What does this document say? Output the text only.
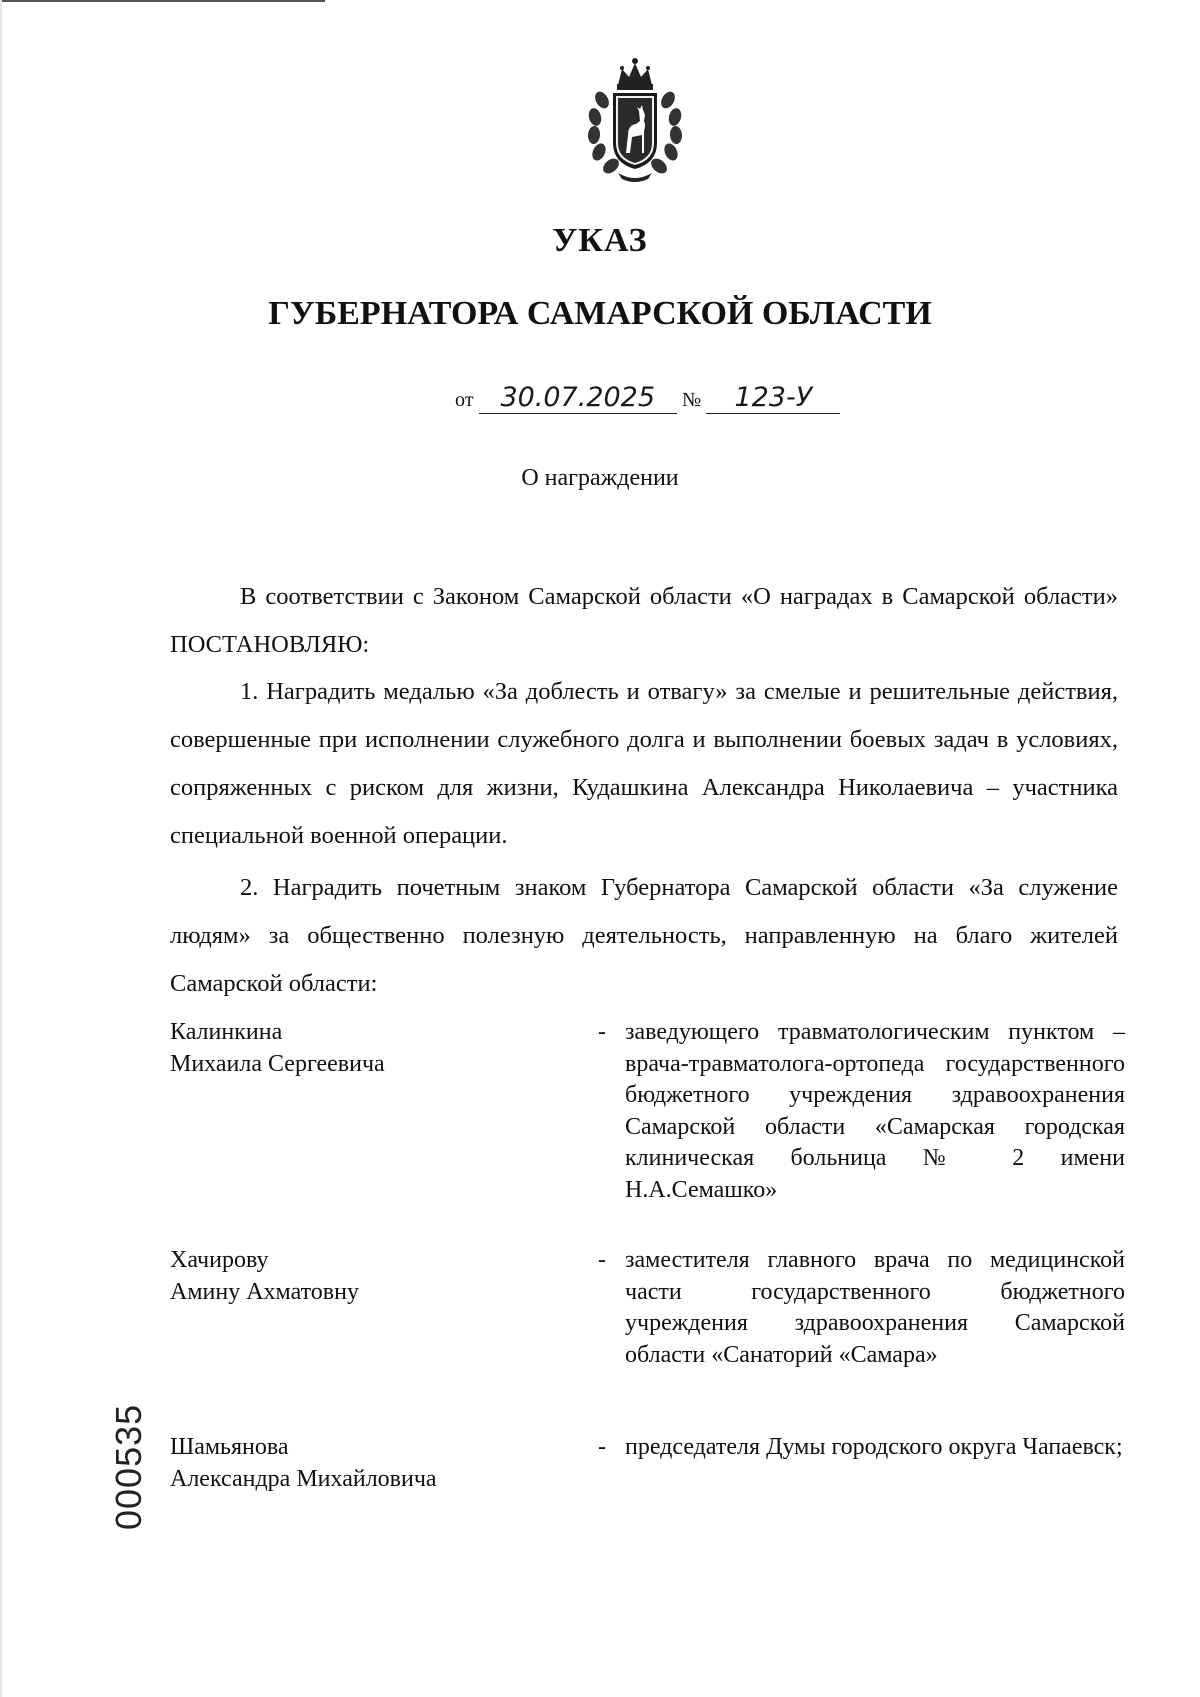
УКАЗ
ГУБЕРНАТОРА САМАРСКОЙ ОБЛАСТИ
от 30.07.2025 № 123-У
О награждении

В соответствии с Законом Самарской области «О наградах в Самарской области» ПОСТАНОВЛЯЮ:

1. Наградить медалью «За доблесть и отвагу» за смелые и решительные действия, совершенные при исполнении служебного долга и выполнении боевых задач в условиях, сопряженных с риском для жизни, Кудашкина Александра Николаевича – участника специальной военной операции.

2. Наградить почетным знаком Губернатора Самарской области «За служение людям» за общественно полезную деятельность, направленную на благо жителей Самарской области:

Калинкина
Михаила Сергеевича
- заведующего травматологическим пунктом – врача-травматолога-ортопеда государственного бюджетного учреждения здравоохранения Самарской области «Самарская городская клиническая больница № 2 имени Н.А.Семашко»
Хачирову
Амину Ахматовну
- заместителя главного врача по медицинской части государственного бюджетного учреждения здравоохранения Самарской области «Санаторий «Самара»
Шамьянова
Александра Михайловича
- председателя Думы городского округа Чапаевск;
000535
